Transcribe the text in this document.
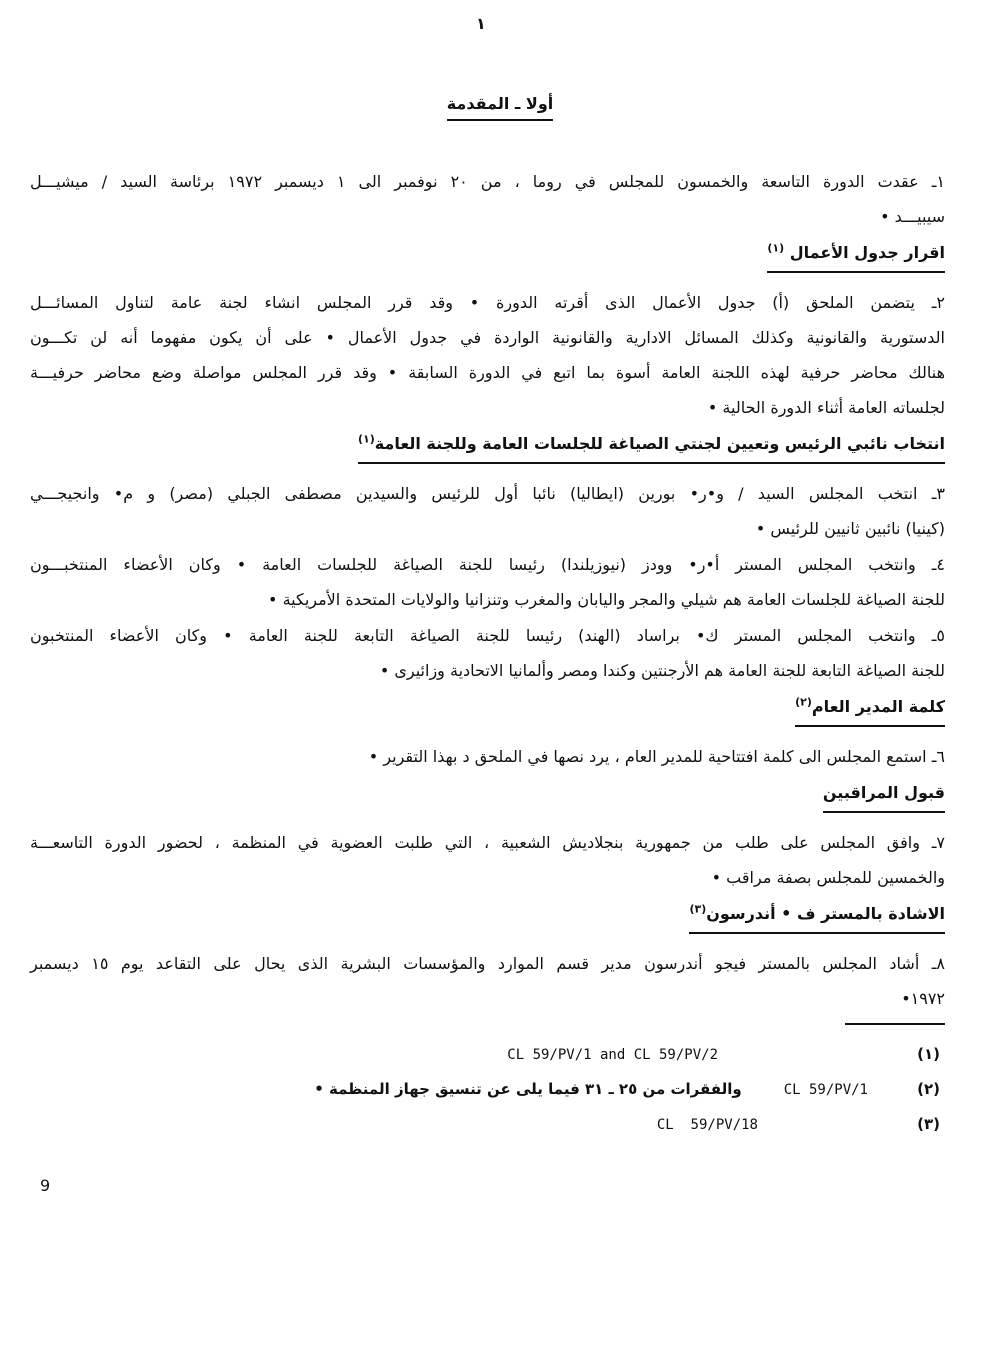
١
أولا ـ المقدمة
١ـ عقدت الدورة التاسعة والخمسون للمجلس في روما ، من ٢٠ نوفمبر الى ١ ديسمبر ١٩٧٢ برئاسة السيد / ميشيـــل
سيبيـــد •
اقرار جدول الأعمال $^{(١)}$
٢ـ يتضمن الملحق (أ) جدول الأعمال الذى أقرته الدورة • وقد قرر المجلس انشاء لجنة عامة لتناول المسائـــل
الدستورية والقانونية وكذلك المسائل الادارية والقانونية الواردة في جدول الأعمال • على أن يكون مفهوما أنه لن تكـــون
هنالك محاضر حرفية لهذه اللجنة العامة أسوة بما اتبع في الدورة السابقة • وقد قرر المجلس مواصلة وضع محاضر حرفيـــة
لجلساته العامة أثناء الدورة الحالية •
انتخاب نائبي الرئيس وتعيين لجنتي الصياغة للجلسات العامة وللجنة العامة$^{(١)}$
٣ـ انتخب المجلس السيد / و•ر• بورين (ايطاليا) نائبا أول للرئيس والسيدين مصطفى الجبلي (مصر) و م• وانجيجـــي
(كينيا) نائبين ثانيين للرئيس •
٤ـ وانتخب المجلس المستر أ•ر• وودز (نيوزيلندا) رئيسا للجنة الصياغة للجلسات العامة • وكان الأعضاء المنتخبـــون
للجنة الصياغة للجلسات العامة هم شيلي والمجر واليابان والمغرب وتنزانيا والولايات المتحدة الأمريكية •
٥ـ وانتخب المجلس المستر ك• براساد (الهند) رئيسا للجنة الصياغة التابعة للجنة العامة • وكان الأعضاء المنتخبون
للجنة الصياغة التابعة للجنة العامة هم الأرجنتين وكندا ومصر وألمانيا الاتحادية وزائيرى •
كلمة المدير العام$^{(٢)}$
٦ـ استمع المجلس الى كلمة افتتاحية للمدير العام ، يرد نصها في الملحق د بهذا التقرير •
قبول المراقبين
٧ـ وافق المجلس على طلب من جمهورية بنجلاديش الشعبية ، التي طلبت العضوية في المنظمة ، لحضور الدورة التاسعـــة
والخمسين للمجلس بصفة مراقب •
الاشادة بالمستر ف • أندرسون$^{(٣)}$
٨ـ أشاد المجلس بالمستر فيجو أندرسون مدير قسم الموارد والمؤسسات البشرية الذى يحال على التقاعد يوم ١٥ ديسمبر
١٩٧٢•
(١)
CL 59/PV/1 and CL 59/PV/2
(٢)
CL 59/PV/1
والفقرات من ٢٥ ـ ٣١ فيما يلى عن تنسيق جهاز المنظمة •
(٣)
CL  59/PV/18
9
